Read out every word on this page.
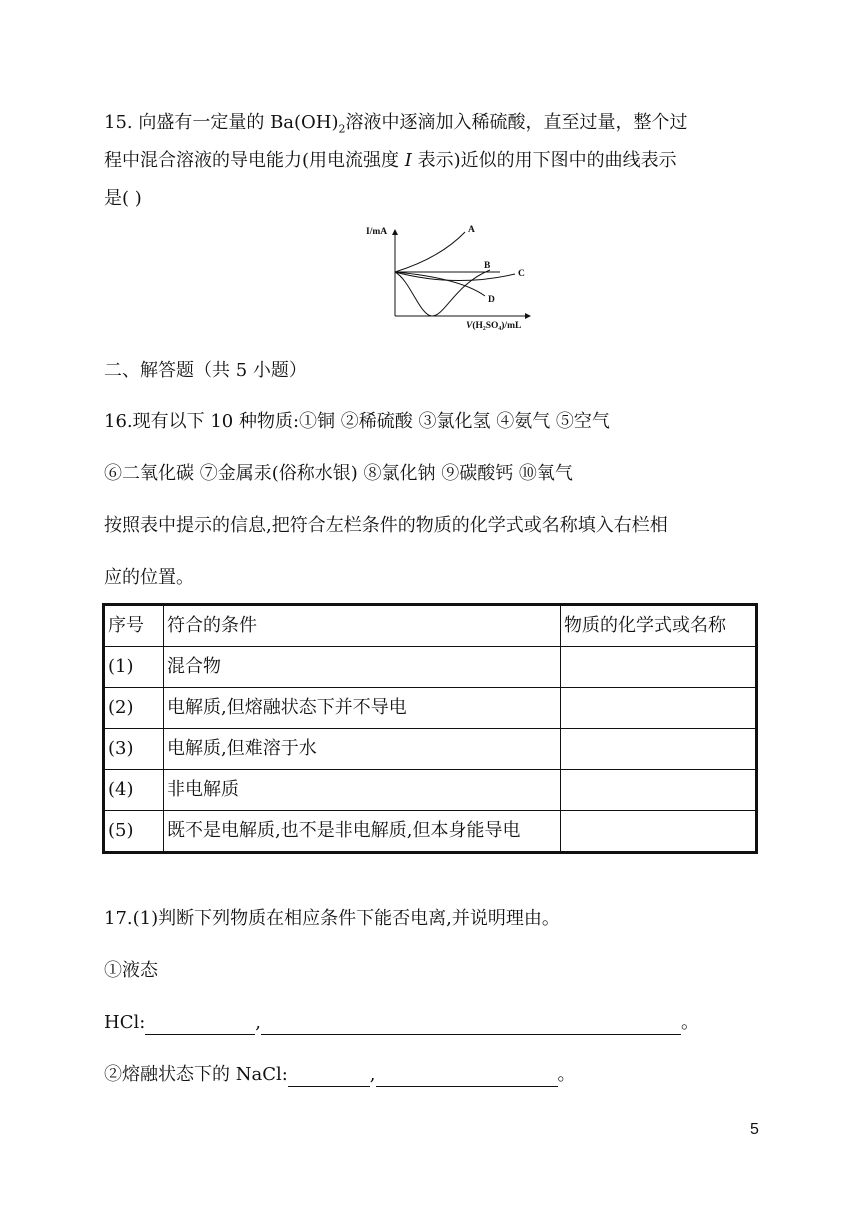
15. 向盛有一定量的 $Ba(OH)_2$溶液中逐滴加入稀硫酸，直至过量，整个过
程中混合溶液的导电能力(用电流强度 I 表示)近似的用下图中的曲线表示
是( )
I/mA	A
B
C
D
V(H₂SO₄)/mL
二、解答题（共 5 小题）
16.现有以下 10 种物质:①铜 ②稀硫酸 ③氯化氢 ④氨气 ⑤空气
⑥二氧化碳 ⑦金属汞(俗称水银) ⑧氯化钠 ⑨碳酸钙 ⑩氧气
按照表中提示的信息,把符合左栏条件的物质的化学式或名称填入右栏相
应的位置。
序号	符合的条件	物质的化学式或名称
(1)	混合物	
(2)	电解质,但熔融状态下并不导电	
(3)	电解质,但难溶于水	
(4)	非电解质	
(5)	既不是电解质,也不是非电解质,但本身能导电	
17.(1)判断下列物质在相应条件下能否电离,并说明理由。
①液态
HCl:	,	。
②熔融状态下的 NaCl:	,	。
5
